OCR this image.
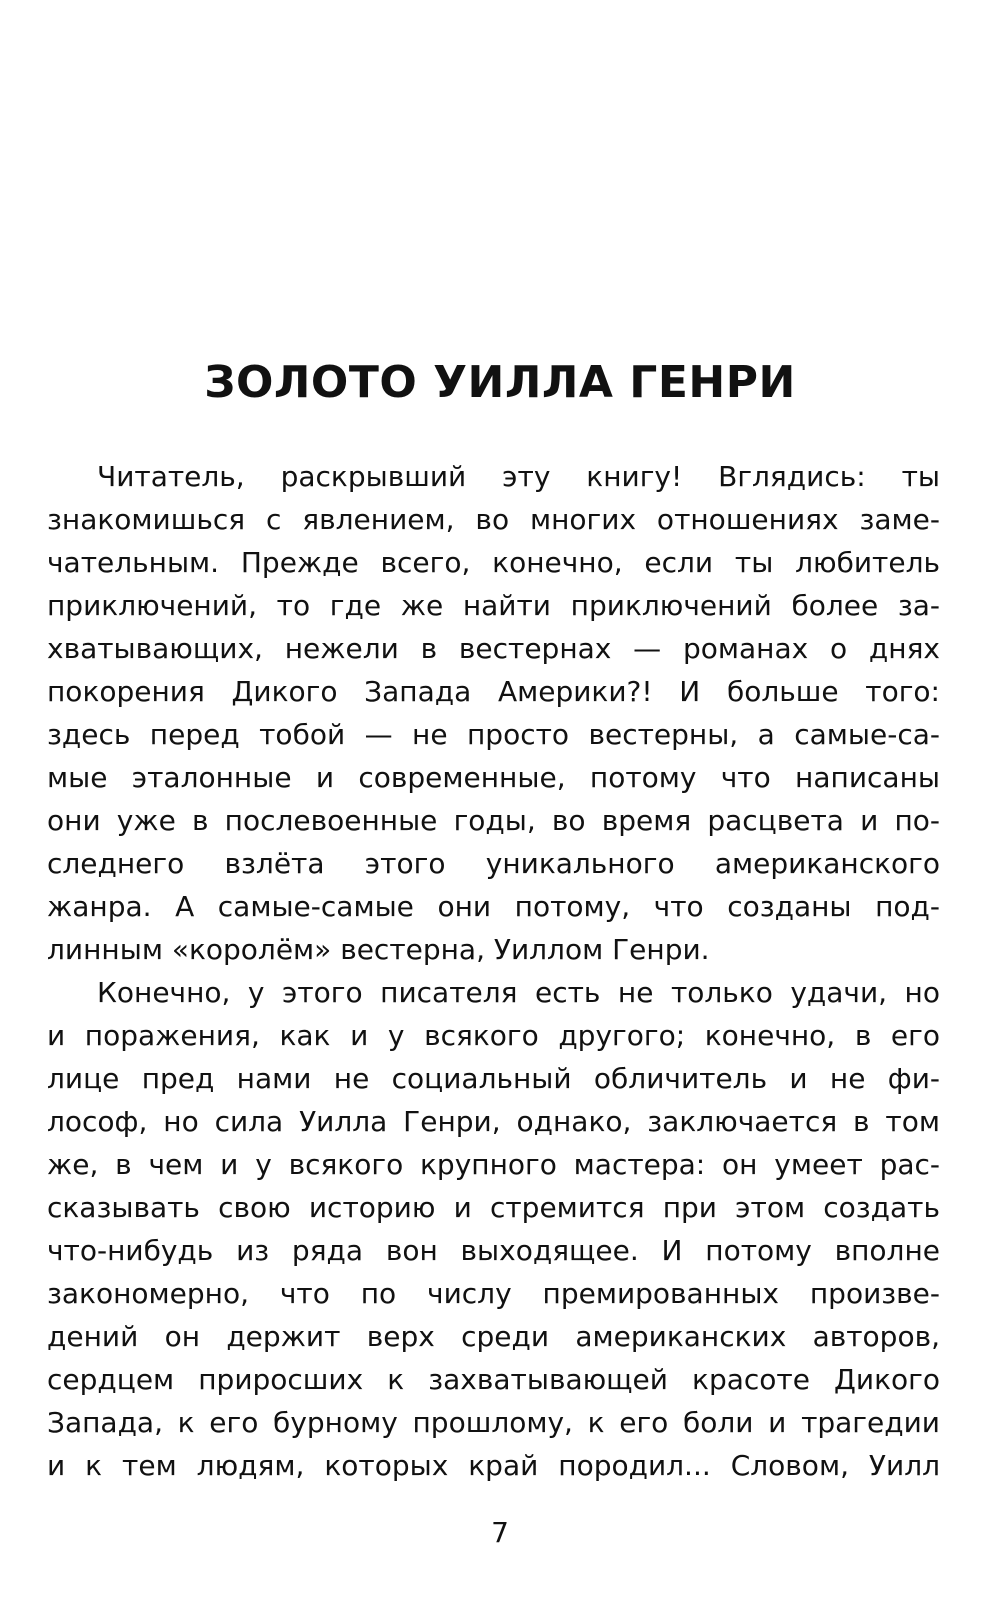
ЗОЛОТО УИЛЛА ГЕНРИ
Читатель, раскрывший эту книгу! Вглядись: ты
знакомишься с явлением, во многих отношениях заме-
чательным. Прежде всего, конечно, если ты любитель
приключений, то где же найти приключений более за-
хватывающих, нежели в вестернах — романах о днях
покорения Дикого Запада Америки?! И больше того:
здесь перед тобой — не просто вестерны, а самые-са-
мые эталонные и современные, потому что написаны
они уже в послевоенные годы, во время расцвета и по-
следнего взлёта этого уникального американского
жанра. А самые-самые они потому, что созданы под-
линным «королём» вестерна, Уиллом Генри.
Конечно, у этого писателя есть не только удачи, но
и поражения, как и у всякого другого; конечно, в его
лице пред нами не социальный обличитель и не фи-
лософ, но сила Уилла Генри, однако, заключается в том
же, в чем и у всякого крупного мастера: он умеет рас-
сказывать свою историю и стремится при этом создать
что-нибудь из ряда вон выходящее. И потому вполне
закономерно, что по числу премированных произве-
дений он держит верх среди американских авторов,
сердцем приросших к захватывающей красоте Дикого
Запада, к его бурному прошлому, к его боли и трагедии
и к тем людям, которых край породил... Словом, Уилл
7
